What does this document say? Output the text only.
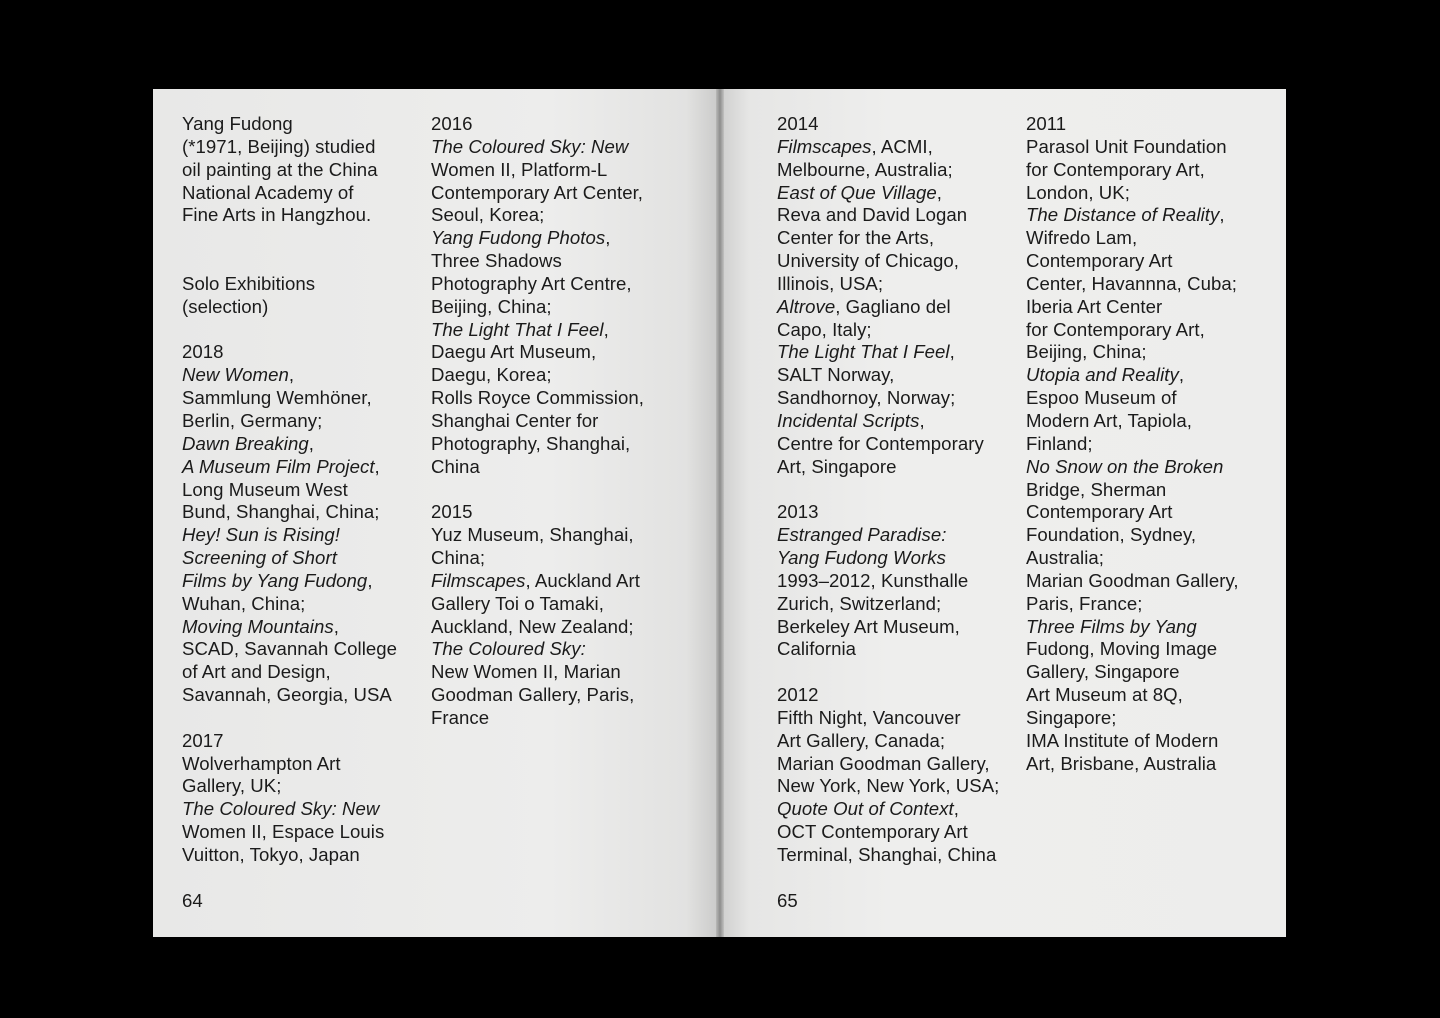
Yang Fudong
(*1971, Beijing) studied
oil painting at the China
National Academy of
Fine Arts in Hangzhou.
Solo Exhibitions
(selection)
2018
New Women,
Sammlung Wemhöner,
Berlin, Germany;
Dawn Breaking,
A Museum Film Project,
Long Museum West
Bund, Shanghai, China;
Hey! Sun is Rising!
Screening of Short
Films by Yang Fudong,
Wuhan, China;
Moving Mountains,
SCAD, Savannah College
of Art and Design,
Savannah, Georgia, USA
2017
Wolverhampton Art
Gallery, UK;
The Coloured Sky: New
Women II, Espace Louis
Vuitton, Tokyo, Japan
2016
The Coloured Sky: New
Women II, Platform-L
Contemporary Art Center,
Seoul, Korea;
Yang Fudong Photos,
Three Shadows
Photography Art Centre,
Beijing, China;
The Light That I Feel,
Daegu Art Museum,
Daegu, Korea;
Rolls Royce Commission,
Shanghai Center for
Photography, Shanghai,
China
2015
Yuz Museum, Shanghai,
China;
Filmscapes, Auckland Art
Gallery Toi o Tamaki,
Auckland, New Zealand;
The Coloured Sky:
New Women II, Marian
Goodman Gallery, Paris,
France
2014
Filmscapes, ACMI,
Melbourne, Australia;
East of Que Village,
Reva and David Logan
Center for the Arts,
University of Chicago,
Illinois, USA;
Altrove, Gagliano del
Capo, Italy;
The Light That I Feel,
SALT Norway,
Sandhornoy, Norway;
Incidental Scripts,
Centre for Contemporary
Art, Singapore
2013
Estranged Paradise:
Yang Fudong Works
1993–2012, Kunsthalle
Zurich, Switzerland;
Berkeley Art Museum,
California
2012
Fifth Night, Vancouver
Art Gallery, Canada;
Marian Goodman Gallery,
New York, New York, USA;
Quote Out of Context,
OCT Contemporary Art
Terminal, Shanghai, China
2011
Parasol Unit Foundation
for Contemporary Art,
London, UK;
The Distance of Reality,
Wifredo Lam,
Contemporary Art
Center, Havannna, Cuba;
Iberia Art Center
for Contemporary Art,
Beijing, China;
Utopia and Reality,
Espoo Museum of
Modern Art, Tapiola,
Finland;
No Snow on the Broken
Bridge, Sherman
Contemporary Art
Foundation, Sydney,
Australia;
Marian Goodman Gallery,
Paris, France;
Three Films by Yang
Fudong, Moving Image
Gallery, Singapore
Art Museum at 8Q,
Singapore;
IMA Institute of Modern
Art, Brisbane, Australia
64	65
